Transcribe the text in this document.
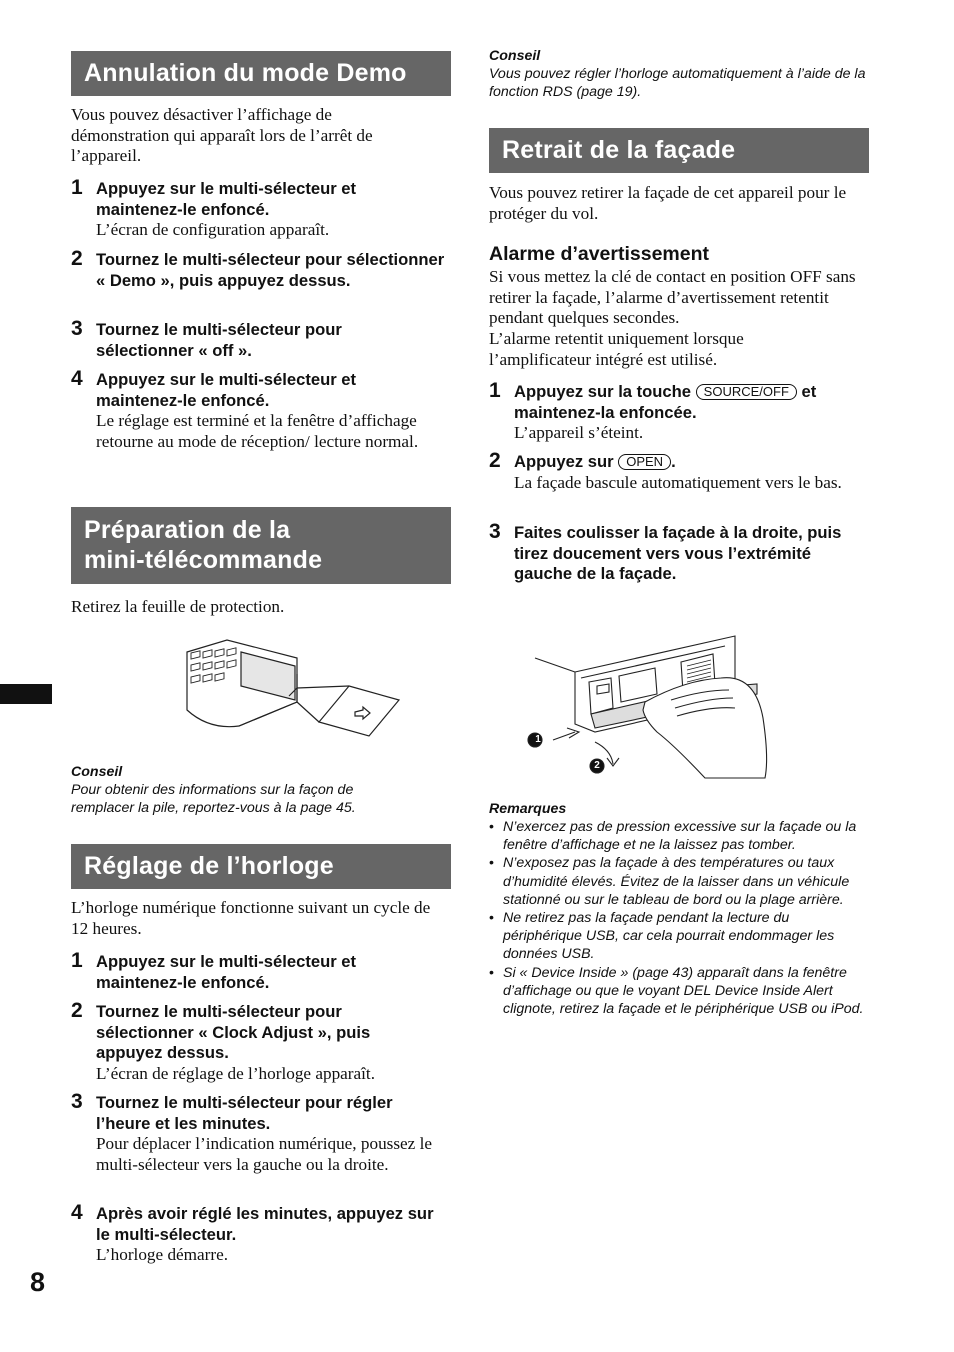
Annulation du mode Demo
Vous pouvez désactiver l’affichage de démonstration qui apparaît lors de l’arrêt de l’appareil.
1 Appuyez sur le multi-sélecteur et maintenez-le enfoncé.
L’écran de configuration apparaît.
2 Tournez le multi-sélecteur pour sélectionner « Demo », puis appuyez dessus.
3 Tournez le multi-sélecteur pour sélectionner « off ».
4 Appuyez sur le multi-sélecteur et maintenez-le enfoncé.
Le réglage est terminé et la fenêtre d’affichage retourne au mode de réception/ lecture normal.
Préparation de la
mini-télécommande
Retirez la feuille de protection.
Conseil
Pour obtenir des informations sur la façon de remplacer la pile, reportez-vous à la page 45.
Réglage de l’horloge
L’horloge numérique fonctionne suivant un cycle de 12 heures.
1 Appuyez sur le multi-sélecteur et maintenez-le enfoncé.
2 Tournez le multi-sélecteur pour sélectionner « Clock Adjust », puis appuyez dessus.
L’écran de réglage de l’horloge apparaît.
3 Tournez le multi-sélecteur pour régler l’heure et les minutes.
Pour déplacer l’indication numérique, poussez le multi-sélecteur vers la gauche ou la droite.
4 Après avoir réglé les minutes, appuyez sur le multi-sélecteur.
L’horloge démarre.
Conseil
Vous pouvez régler l’horloge automatiquement à l’aide de la fonction RDS (page 19).
Retrait de la façade
Vous pouvez retirer la façade de cet appareil pour le protéger du vol.
Alarme d’avertissement
Si vous mettez la clé de contact en position OFF sans retirer la façade, l’alarme d’avertissement retentit pendant quelques secondes.
L’alarme retentit uniquement lorsque l’amplificateur intégré est utilisé.
1 Appuyez sur la touche SOURCE/OFF et maintenez-la enfoncée.
L’appareil s’éteint.
2 Appuyez sur OPEN .
La façade bascule automatiquement vers le bas.
3 Faites coulisser la façade à la droite, puis tirez doucement vers vous l’extrémité gauche de la façade.
1
2
Remarques
• N’exercez pas de pression excessive sur la façade ou la fenêtre d’affichage et ne la laissez pas tomber.
• N’exposez pas la façade à des températures ou taux d’humidité élevés. Évitez de la laisser dans un véhicule stationné ou sur le tableau de bord ou la plage arrière.
• Ne retirez pas la façade pendant la lecture du périphérique USB, car cela pourrait endommager les données USB.
• Si « Device Inside » (page 43) apparaît dans la fenêtre d’affichage ou que le voyant DEL Device Inside Alert clignote, retirez la façade et le périphérique USB ou iPod.
8
